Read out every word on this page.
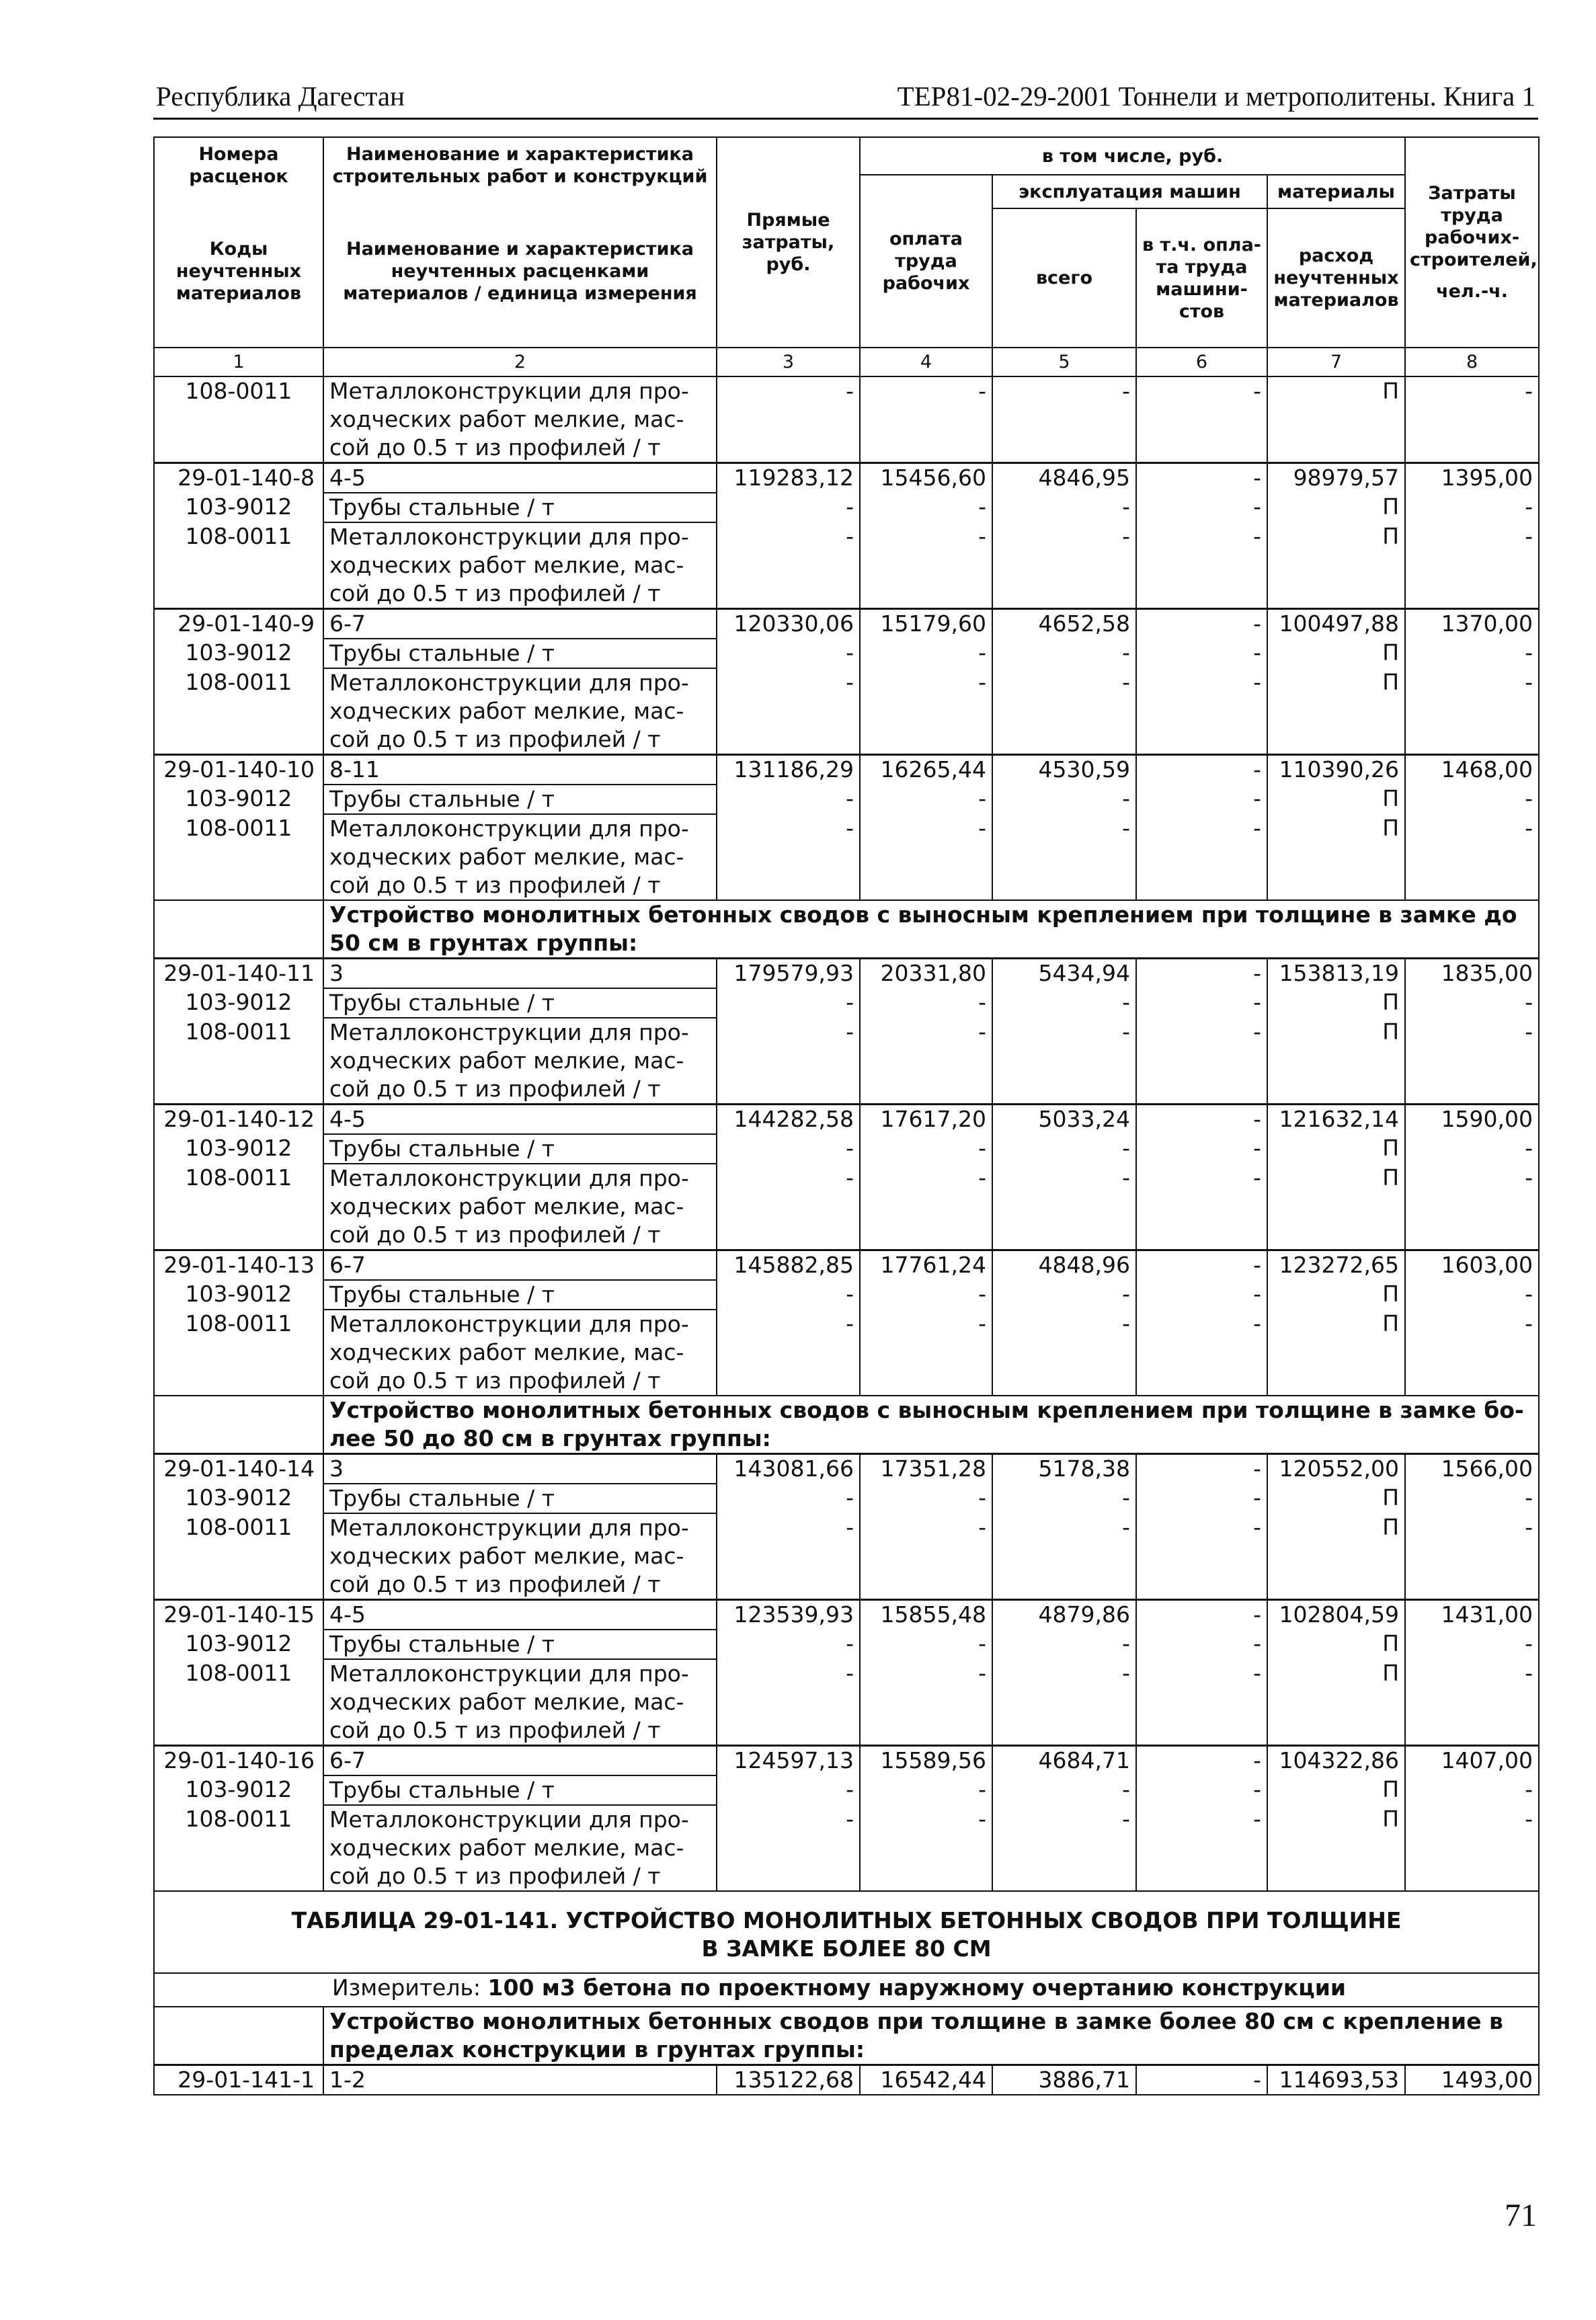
Республика Дагестан	ТЕР81-02-29-2001 Тоннели и метрополитены. Книга 1
Номера расценок	Наименование и характеристика строительных работ и конструкций	Прямые затраты, руб.	в том числе, руб.				Затраты труда рабочих-строителей,
чел.-ч.

			оплата труда рабочих	эксплуатация машин		материалы	
				всего	в т.ч. опла-та труда машини-стов	расход неучтенных материалов	

Коды неучтенных материалов	Наименование и характеристика неучтенных расценками материалов / единица измерения						

1	2	3	4	5	6	7	8
108-0011	Металлоконструкции для про-ходческих работ мелкие, мас-сой до 0.5 т из профилей / т	-	-	-	-	П	-
29-01-140-8	4-5	119283,12	15456,60	4846,95	-	98979,57	1395,00
103-9012	Трубы стальные / т	-	-	-	-	П	-
108-0011	Металлоконструкции для про-ходческих работ мелкие, мас-сой до 0.5 т из профилей / т	-	-	-	-	П	-
29-01-140-9	6-7	120330,06	15179,60	4652,58	-	100497,88	1370,00
103-9012	Трубы стальные / т	-	-	-	-	П	-
108-0011	Металлоконструкции для про-ходческих работ мелкие, мас-сой до 0.5 т из профилей / т	-	-	-	-	П	-
29-01-140-10	8-11	131186,29	16265,44	4530,59	-	110390,26	1468,00
103-9012	Трубы стальные / т	-	-	-	-	П	-
108-0011	Металлоконструкции для про-ходческих работ мелкие, мас-сой до 0.5 т из профилей / т	-	-	-	-	П	-
	Устройство монолитных бетонных сводов с выносным креплением при толщине в замке до 50 см в грунтах группы:						
29-01-140-11	3	179579,93	20331,80	5434,94	-	153813,19	1835,00
103-9012	Трубы стальные / т	-	-	-	-	П	-
108-0011	Металлоконструкции для про-ходческих работ мелкие, мас-сой до 0.5 т из профилей / т	-	-	-	-	П	-
29-01-140-12	4-5	144282,58	17617,20	5033,24	-	121632,14	1590,00
103-9012	Трубы стальные / т	-	-	-	-	П	-
108-0011	Металлоконструкции для про-ходческих работ мелкие, мас-сой до 0.5 т из профилей / т	-	-	-	-	П	-
29-01-140-13	6-7	145882,85	17761,24	4848,96	-	123272,65	1603,00
103-9012	Трубы стальные / т	-	-	-	-	П	-
108-0011	Металлоконструкции для про-ходческих работ мелкие, мас-сой до 0.5 т из профилей / т	-	-	-	-	П	-
	Устройство монолитных бетонных сводов с выносным креплением при толщине в замке бо-лее 50 до 80 см в грунтах группы:						
29-01-140-14	3	143081,66	17351,28	5178,38	-	120552,00	1566,00
103-9012	Трубы стальные / т	-	-	-	-	П	-
108-0011	Металлоконструкции для про-ходческих работ мелкие, мас-сой до 0.5 т из профилей / т	-	-	-	-	П	-
29-01-140-15	4-5	123539,93	15855,48	4879,86	-	102804,59	1431,00
103-9012	Трубы стальные / т	-	-	-	-	П	-
108-0011	Металлоконструкции для про-ходческих работ мелкие, мас-сой до 0.5 т из профилей / т	-	-	-	-	П	-
29-01-140-16	6-7	124597,13	15589,56	4684,71	-	104322,86	1407,00
103-9012	Трубы стальные / т	-	-	-	-	П	-
108-0011	Металлоконструкции для про-ходческих работ мелкие, мас-сой до 0.5 т из профилей / т	-	-	-	-	П	-
ТАБЛИЦА 29-01-141. УСТРОЙСТВО МОНОЛИТНЫХ БЕТОННЫХ СВОДОВ ПРИ ТОЛЩИНЕ В ЗАМКЕ БОЛЕЕ 80 СМ							
Измеритель: 100 м3 бетона по проектному наружному очертанию конструкции							
	Устройство монолитных бетонных сводов при толщине в замке более 80 см с крепление в пределах конструкции в грунтах группы:						
29-01-141-1	1-2	135122,68	16542,44	3886,71	-	114693,53	1493,00
71
